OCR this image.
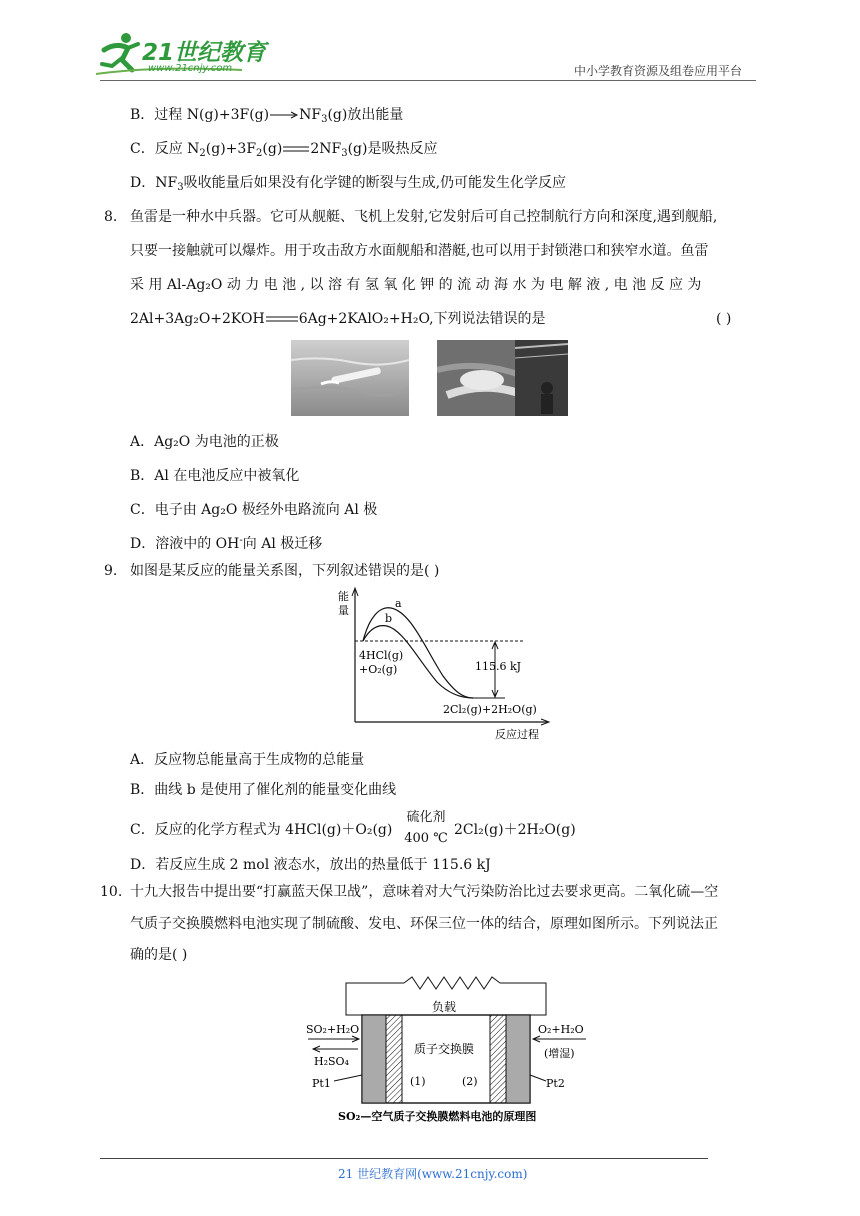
21世纪教育
www.21cnjy.com	中小学教育资源及组卷应用平台
B．过程 N(g)+3F(g) $NF_3(g)$放出能量
C．反应 $N_2(g)+3F_2(g)$ $2NF_3(g)$是吸热反应
D．$NF_3$吸收能量后如果没有化学键的断裂与生成,仍可能发生化学反应
8. 鱼雷是一种水中兵器。它可从舰艇、飞机上发射,它发射后可自己控制航行方向和深度,遇到舰船,
只要一接触就可以爆炸。用于攻击敌方水面舰船和潜艇,也可以用于封锁港口和狭窄水道。鱼雷
采 用 Al-Ag₂O 动 力 电 池 , 以 溶 有 氢 氧 化 钾 的 流 动 海 水 为 电 解 液 , 电 池 反 应 为
2Al+3Ag₂O+2KOH 6Ag+2KAlO₂+H₂O,下列说法错误的是	( )
A．Ag₂O 为电池的正极
B．Al 在电池反应中被氧化
C．电子由 Ag₂O 极经外电路流向 Al 极
D．溶液中的 OH-向 Al 极迁移
9. 如图是某反应的能量关系图，下列叙述错误的是( )
能
量
a
b
4HCl(g)
+O₂(g)	115.6 kJ
2Cl₂(g)+2H₂O(g)
反应过程
A．反应物总能量高于生成物的总能量
B．曲线 b 是使用了催化剂的能量变化曲线
C．反应的化学方程式为 4HCl(g)＋O₂(g)
硫化剂
400 ℃
2Cl₂(g)＋2H₂O(g)
D．若反应生成 2 mol 液态水，放出的热量低于 115.6 kJ
10. 十九大报告中提出要“打赢蓝天保卫战”，意味着对大气污染防治比过去要求更高。二氧化硫—空
气质子交换膜燃料电池实现了制硫酸、发电、环保三位一体的结合，原理如图所示。下列说法正
确的是( )
负载
质子交换膜
(1)	(2)
SO₂+H₂O
H₂SO₄
Pt1
O₂+H₂O
(增湿)
Pt2
SO₂—空气质子交换膜燃料电池的原理图
21 世纪教育网(www.21cnjy.com)
